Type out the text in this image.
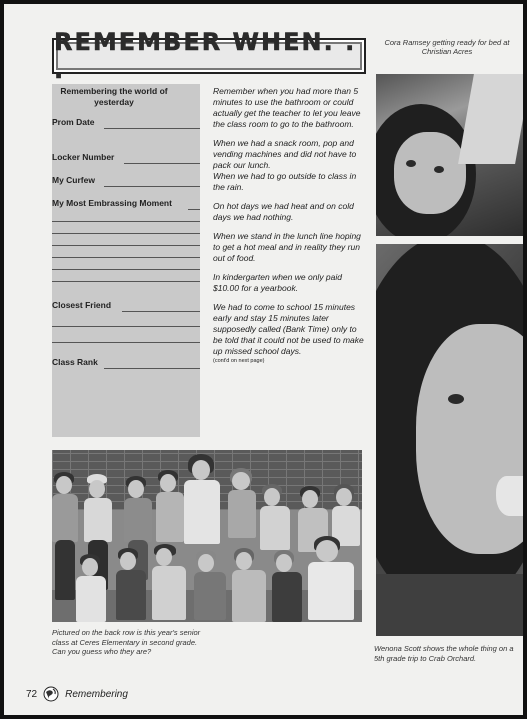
REMEMBER WHEN. . .
Cora Ramsey getting ready for bed at Christian Acres
Remembering the world of yesterday
Prom Date
Locker Number
My Curfew
My Most Embrassing Moment
Closest Friend
Class Rank

Remember when you had more than 5 minutes to use the bathroom or could actually get the teacher to let you leave the class room to go to the bathroom.

When we had a snack room, pop and vending machines and did not have to pack our lunch.

When we had to go outside to class in the rain.

On hot days we had heat and on cold days we had nothing.

When we stand in the lunch line hoping to get a hot meal and in reality they run out of food.

In kindergarten when we only paid $10.00 for a yearbook.

We had to come to school 15 minutes early and stay 15 minutes later supposedly called (Bank Time) only to be told that it could not be used to make up missed school days.

(cont'd on next page)
Pictured on the back row is this year's senior class at Ceres Elementary in second grade. Can you guess who they are?	Wenona Scott shows the whole thing on a 5th grade trip to Crab Orchard.
72	Remembering
